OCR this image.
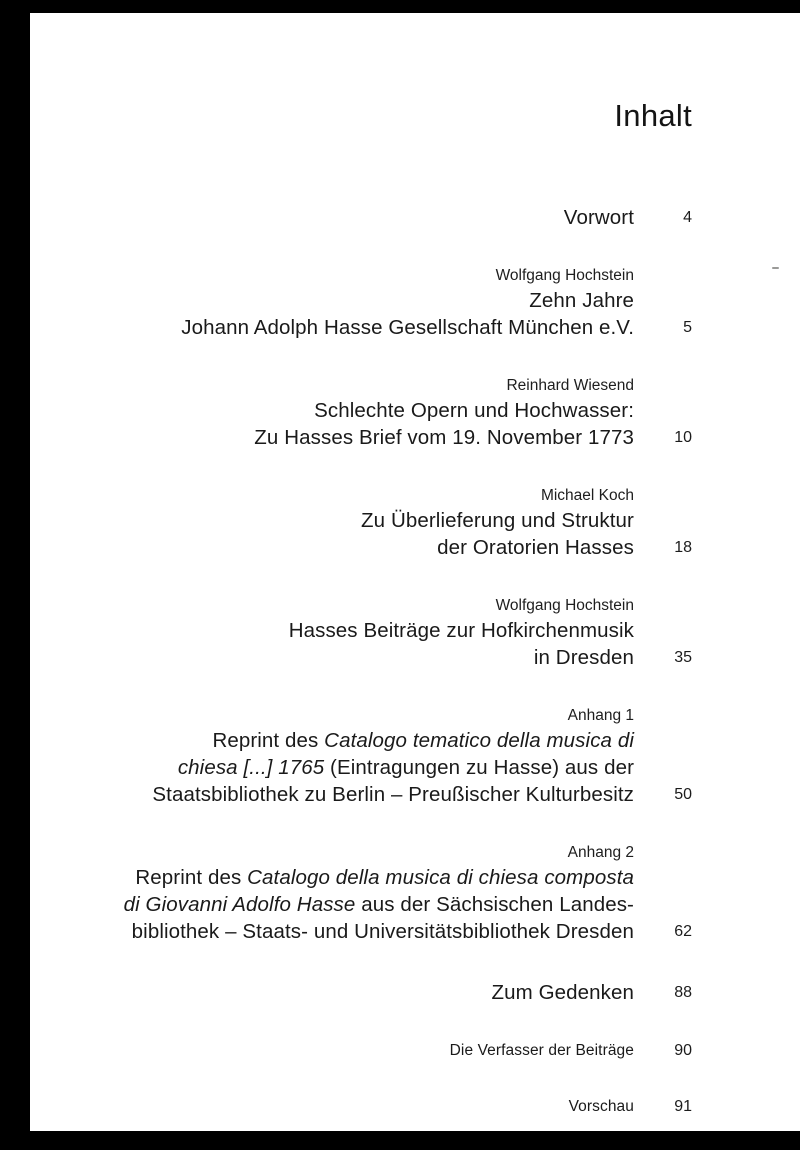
Inhalt
Vorwort	4
Wolfgang Hochstein
Zehn Jahre
Johann Adolph Hasse Gesellschaft München e.V.	5
Reinhard Wiesend
Schlechte Opern und Hochwasser:
Zu Hasses Brief vom 19. November 1773	10
Michael Koch
Zu Überlieferung und Struktur
der Oratorien Hasses	18
Wolfgang Hochstein
Hasses Beiträge zur Hofkirchenmusik
in Dresden	35
Anhang 1
Reprint des Catalogo tematico della musica di
chiesa [...] 1765 (Eintragungen zu Hasse) aus der
Staatsbibliothek zu Berlin – Preußischer Kulturbesitz	50
Anhang 2
Reprint des Catalogo della musica di chiesa composta
di Giovanni Adolfo Hasse aus der Sächsischen Landes-
bibliothek – Staats- und Universitätsbibliothek Dresden	62
Zum Gedenken	88
Die Verfasser der Beiträge	90
Vorschau	91
